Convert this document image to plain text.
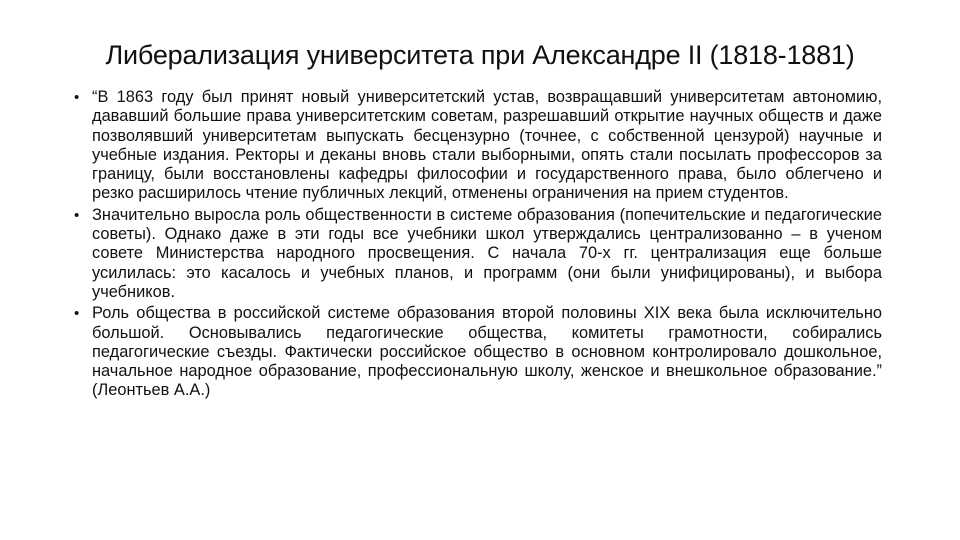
Либерализация университета при Александре II (1818-1881)
• “В 1863 году был принят новый университетский устав, возвращавший университетам автономию, дававший большие права университетским советам, разрешавший открытие научных обществ и даже позволявший университетам выпускать бесцензурно (точнее, с собственной цензурой) научные и учебные издания. Ректоры и деканы вновь стали выборными, опять стали посылать профессоров за границу, были восстановлены кафедры философии и государственного права, было облегчено и резко расширилось чтение публичных лекций, отменены ограничения на прием студентов.
• Значительно выросла роль общественности в системе образования (попечительские и педагогические советы). Однако даже в эти годы все учебники школ утверждались централизованно – в ученом совете Министерства народного просвещения. С начала 70-х гг. централизация еще больше усилилась: это касалось и учебных планов, и программ (они были унифицированы), и выбора учебников.
• Роль общества в российской системе образования второй половины XIX века была исключительно большой. Основывались педагогические общества, комитеты грамотности, собирались педагогические съезды. Фактически российское общество в основном контролировало дошкольное, начальное народное образование, профессиональную школу, женское и внешкольное образование.” (Леонтьев А.А.)
